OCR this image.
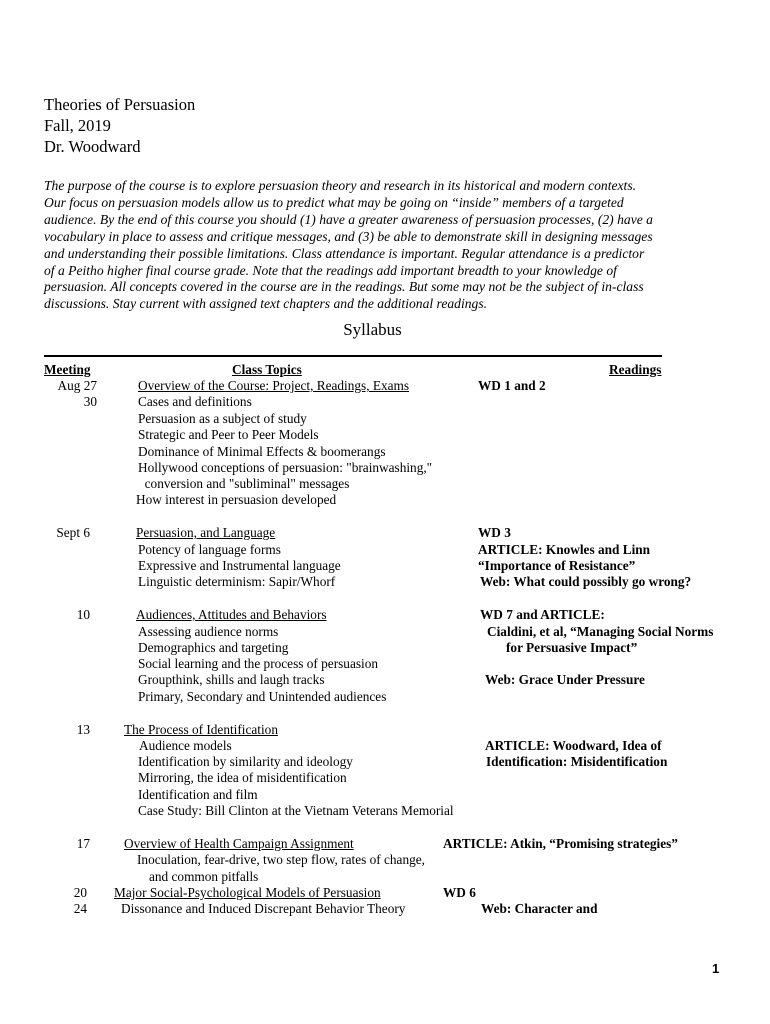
Theories of Persuasion
Fall, 2019
Dr. Woodward
The purpose of the course is to explore persuasion theory and research in its historical and modern contexts.
Our focus on persuasion models allow us to predict what may be going on “inside” members of a targeted
audience. By the end of this course you should (1) have a greater awareness of persuasion processes, (2) have a
vocabulary in place to assess and critique messages, and (3) be able to demonstrate skill in designing messages
and understanding their possible limitations. Class attendance is important. Regular attendance is a predictor
of a Peitho higher final course grade. Note that the readings add important breadth to your knowledge of
persuasion. All concepts covered in the course are in the readings. But some may not be the subject of in-class
discussions. Stay current with assigned text chapters and the additional readings.
Syllabus
Meeting	Class Topics	Readings
Aug 27
30
Sept 6
10
13
17
20
24
Overview of the Course: Project, Readings, Exams
Cases and definitions
Persuasion as a subject of study
Strategic and Peer to Peer Models
Dominance of Minimal Effects & boomerangs
Hollywood conceptions of persuasion: "brainwashing,"
conversion and "subliminal" messages
How interest in persuasion developed
Persuasion, and Language
Potency of language forms
Expressive and Instrumental language
Linguistic determinism: Sapir/Whorf
Audiences, Attitudes and Behaviors
Assessing audience norms
Demographics and targeting
Social learning and the process of persuasion
Groupthink, shills and laugh tracks
Primary, Secondary and Unintended audiences
The Process of Identification
Audience models
Identification by similarity and ideology
Mirroring, the idea of misidentification
Identification and film
Case Study: Bill Clinton at the Vietnam Veterans Memorial
Overview of Health Campaign Assignment
Inoculation, fear-drive, two step flow, rates of change,
and common pitfalls
Major Social-Psychological Models of Persuasion
Dissonance and Induced Discrepant Behavior Theory
WD 1 and 2
WD 3
ARTICLE: Knowles and Linn
“Importance of Resistance”
Web: What could possibly go wrong?
WD 7 and ARTICLE:
Cialdini, et al, “Managing Social Norms
for Persuasive Impact”
Web: Grace Under Pressure
ARTICLE: Woodward, Idea of
Identification: Misidentification
ARTICLE: Atkin, “Promising strategies”
WD 6
Web: Character and
1
